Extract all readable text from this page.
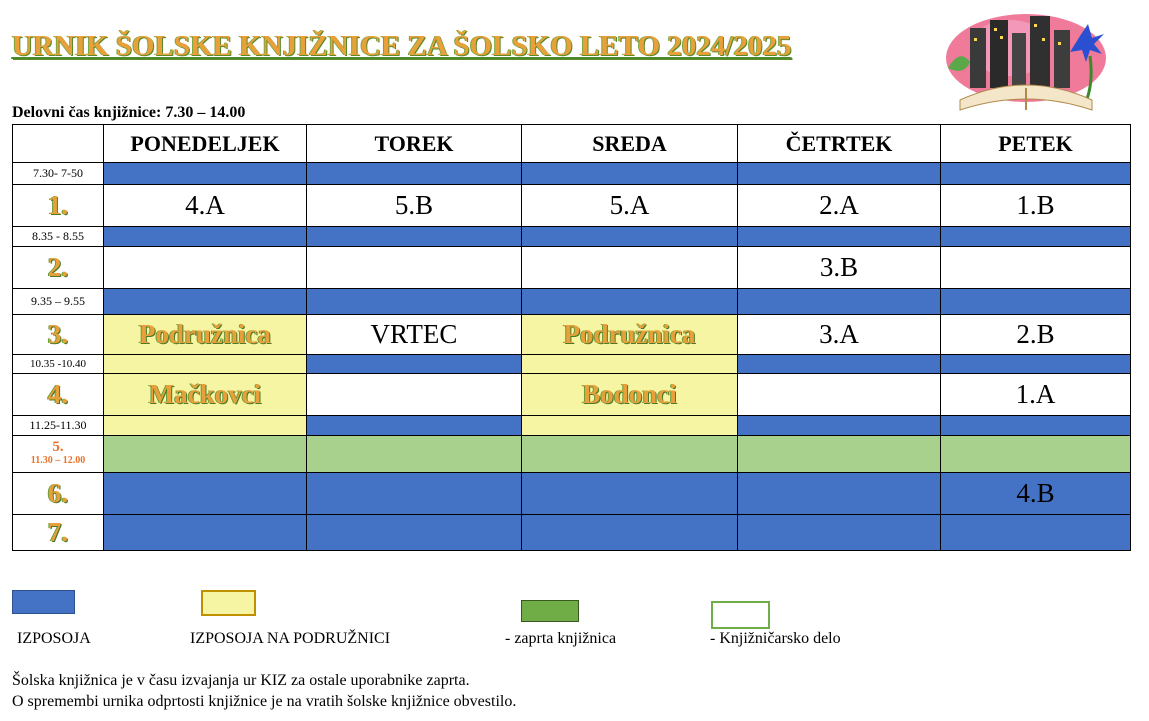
URNIK ŠOLSKE KNJIŽNICE ZA ŠOLSKO LETO 2024/2025
Delovni čas knjižnice: 7.30 – 14.00
	PONEDELJEK	TOREK	SREDA	ČETRTEK	PETEK
7.30- 7-50					
1.	4.A	5.B	5.A	2.A	1.B
8.35 - 8.55					
2.				3.B	
9.35 – 9.55					
3.	Podružnica	VRTEC	Podružnica	3.A	2.B
10.35 -10.40					
4.	Mačkovci		Bodonci		1.A
11.25-11.30					

5.
11.30 – 12.00					

6.					4.B
7.					
IZPOSOJA	IZPOSOJA NA PODRUŽNICI	- zaprta knjižnica	- Knjižničarsko delo
Šolska knjižnica je v času izvajanja ur KIZ za ostale uporabnike zaprta.
O spremembi urnika odprtosti knjižnice je na vratih šolske knjižnice obvestilo.
